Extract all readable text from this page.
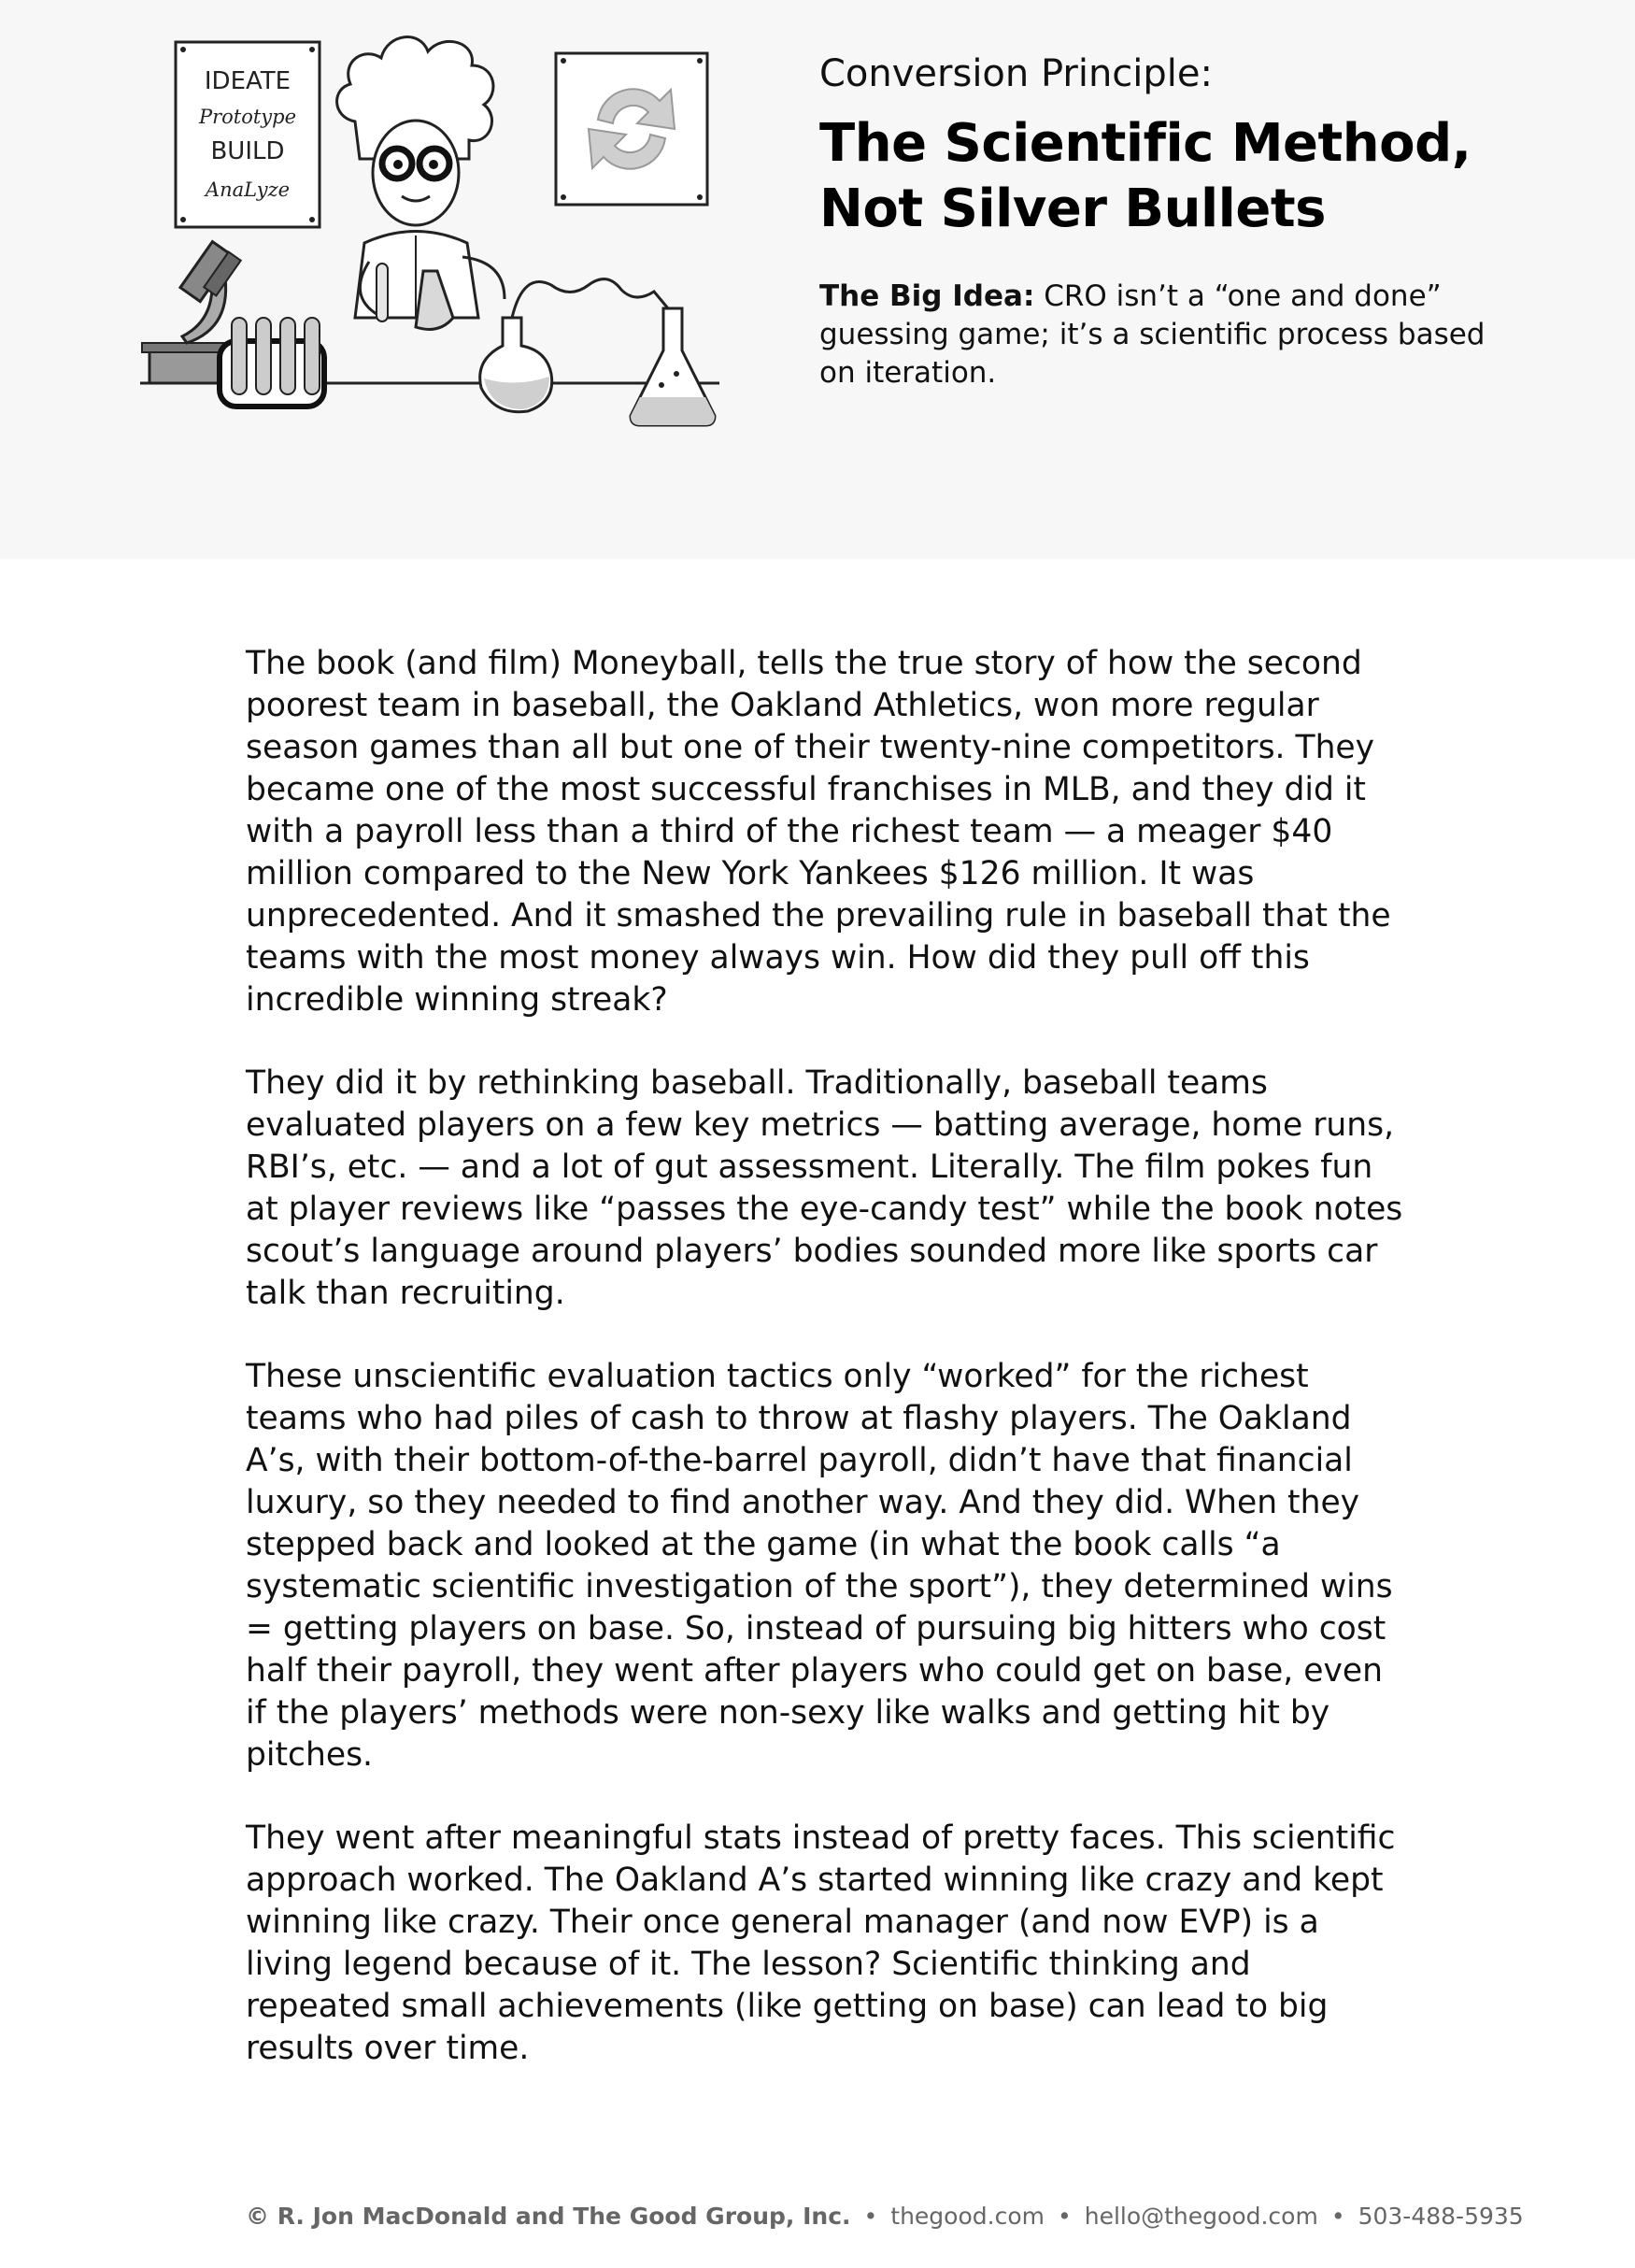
IDEATE
Prototype
BUILD
AnaLyze
Conversion Principle:
The Scientific Method,
Not Silver Bullets
The Big Idea: CRO isn’t a “one and done” guessing game; it’s a scientific process based on iteration.

The book (and film) Moneyball, tells the true story of how the second poorest team in baseball, the Oakland Athletics, won more regular season games than all but one of their twenty-nine competitors. They became one of the most successful franchises in MLB, and they did it with a payroll less than a third of the richest team — a meager $40 million compared to the New York Yankees $126 million. It was unprecedented. And it smashed the prevailing rule in baseball that the teams with the most money always win. How did they pull off this incredible winning streak?

They did it by rethinking baseball. Traditionally, baseball teams evaluated players on a few key metrics — batting average, home runs, RBI’s, etc. — and a lot of gut assessment. Literally. The film pokes fun at player reviews like “passes the eye-candy test” while the book notes scout’s language around players’ bodies sounded more like sports car talk than recruiting.

These unscientific evaluation tactics only “worked” for the richest teams who had piles of cash to throw at flashy players. The Oakland A’s, with their bottom-of-the-barrel payroll, didn’t have that financial luxury, so they needed to find another way. And they did. When they stepped back and looked at the game (in what the book calls “a systematic scientific investigation of the sport”), they determined wins = getting players on base. So, instead of pursuing big hitters who cost half their payroll, they went after players who could get on base, even if the players’ methods were non-sexy like walks and getting hit by pitches.

They went after meaningful stats instead of pretty faces. This scientific approach worked. The Oakland A’s started winning like crazy and kept winning like crazy. Their once general manager (and now EVP) is a living legend because of it. The lesson? Scientific thinking and repeated small achievements (like getting on base) can lead to big results over time.

© R. Jon MacDonald and The Good Group, Inc. • thegood.com • hello@thegood.com • 503-488-5935
